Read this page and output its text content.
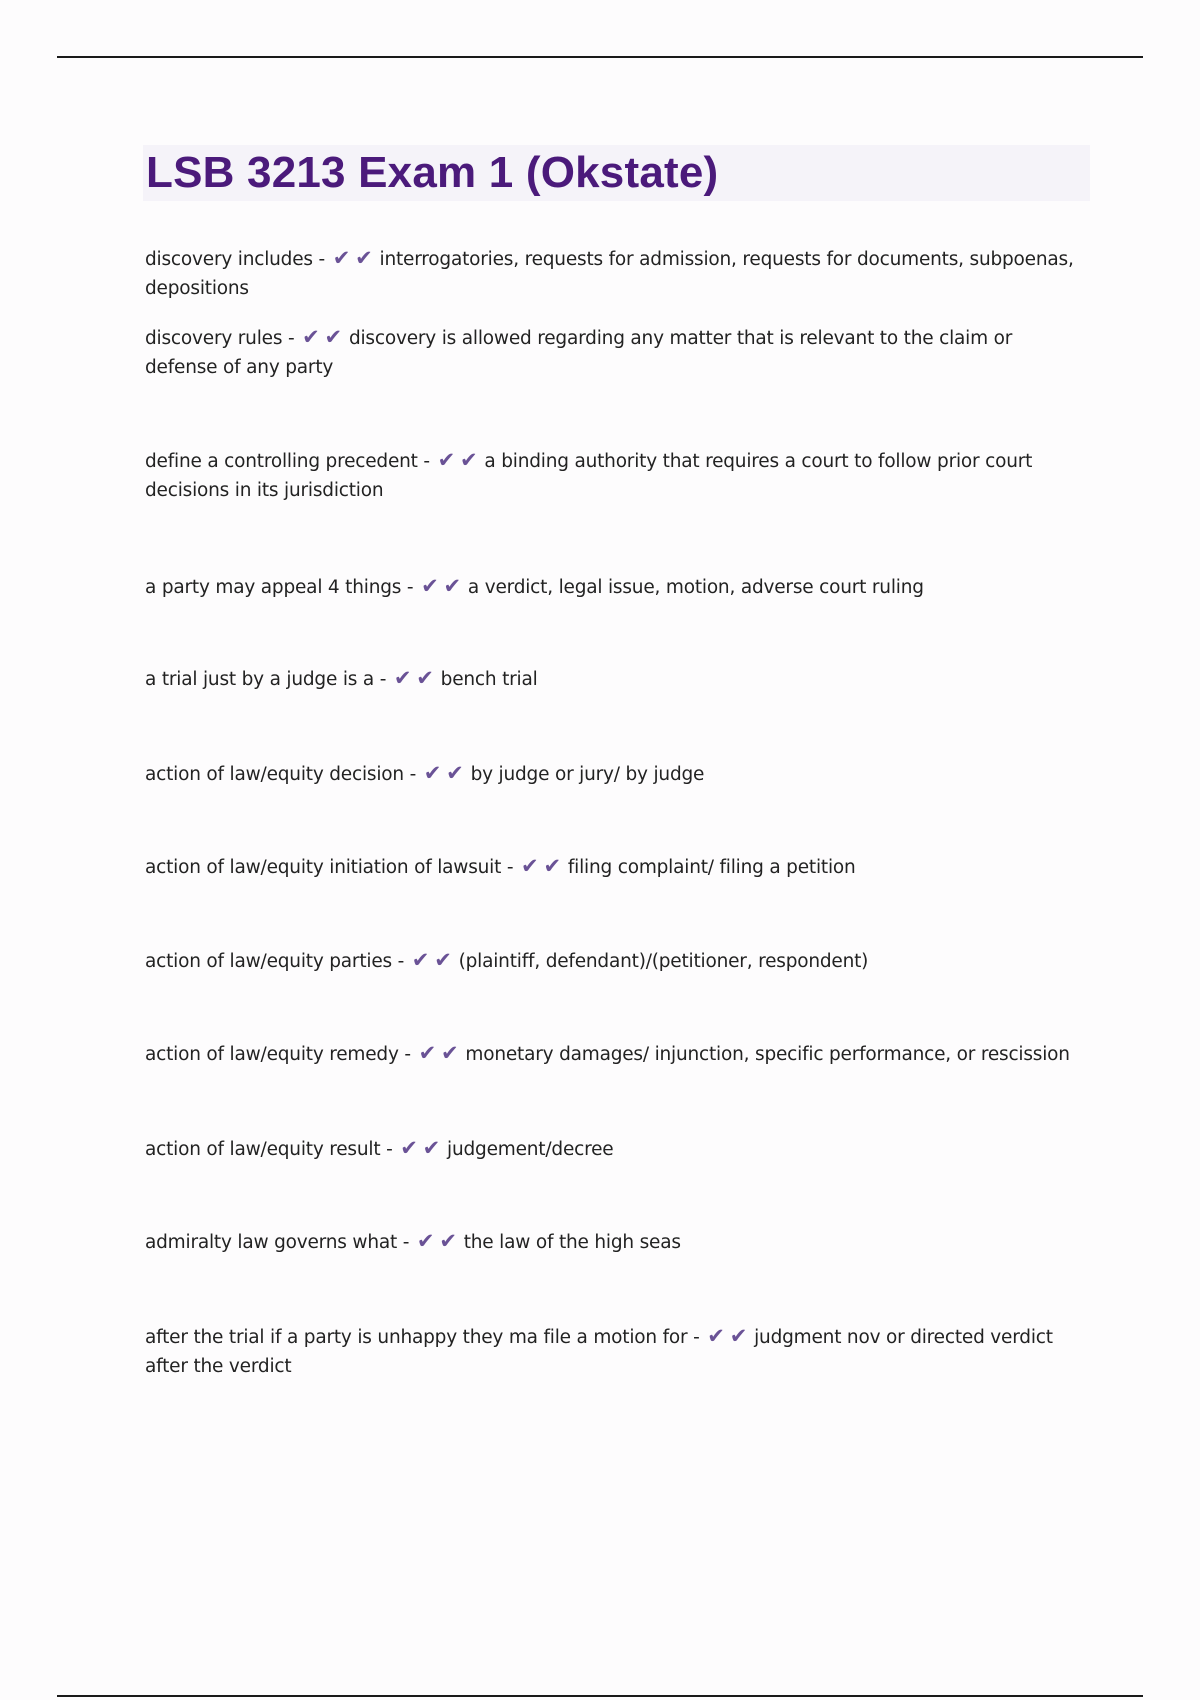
LSB 3213 Exam 1 (Okstate)
discovery includes - ✔ ✔ interrogatories, requests for admission, requests for documents, subpoenas, depositions
discovery rules - ✔ ✔ discovery is allowed regarding any matter that is relevant to the claim or defense of any party
define a controlling precedent - ✔ ✔ a binding authority that requires a court to follow prior court decisions in its jurisdiction
a party may appeal 4 things - ✔ ✔ a verdict, legal issue, motion, adverse court ruling
a trial just by a judge is a - ✔ ✔ bench trial
action of law/equity decision - ✔ ✔ by judge or jury/ by judge
action of law/equity initiation of lawsuit - ✔ ✔ filing complaint/ filing a petition
action of law/equity parties - ✔ ✔ (plaintiff, defendant)/(petitioner, respondent)
action of law/equity remedy - ✔ ✔ monetary damages/ injunction, specific performance, or rescission
action of law/equity result - ✔ ✔ judgement/decree
admiralty law governs what - ✔ ✔ the law of the high seas
after the trial if a party is unhappy they ma file a motion for - ✔ ✔ judgment nov or directed verdict after the verdict
